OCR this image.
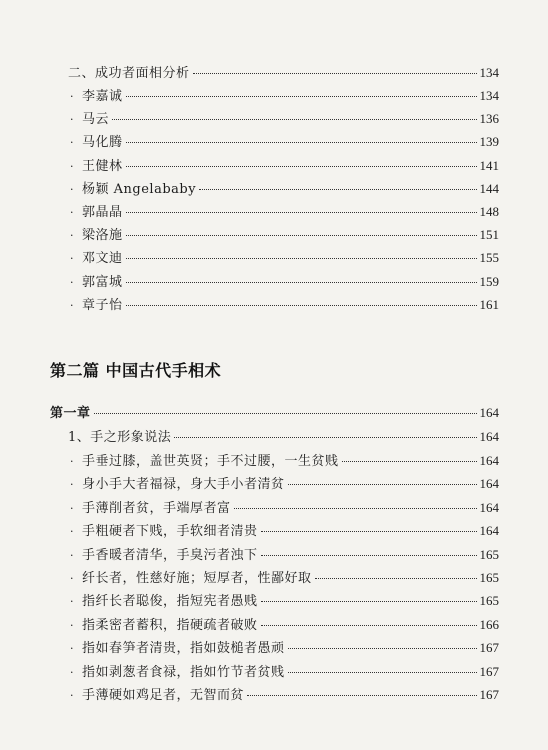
二、成功者面相分析	134
· 李嘉诚	134
· 马云	136
· 马化腾	139
· 王健林	141
· 杨颖 Angelababy	144
· 郭晶晶	148
· 梁洛施	151
· 邓文迪	155
· 郭富城	159
· 章子怡	161
第二篇 中国古代手相术
第一章	164
1、手之形象说法	164
· 手垂过膝，盖世英贤；手不过腰，一生贫贱	164
· 身小手大者福禄，身大手小者清贫	164
· 手薄削者贫，手端厚者富	164
· 手粗硬者下贱，手软细者清贵	164
· 手香暖者清华，手臭污者浊下	165
· 纤长者，性慈好施；短厚者，性鄙好取	165
· 指纤长者聪俊，指短宪者愚贱	165
· 指柔密者蓄积，指硬疏者破败	166
· 指如春笋者清贵，指如鼓槌者愚顽	167
· 指如剥葱者食禄，指如竹节者贫贱	167
· 手薄硬如鸡足者，无智而贫	167
